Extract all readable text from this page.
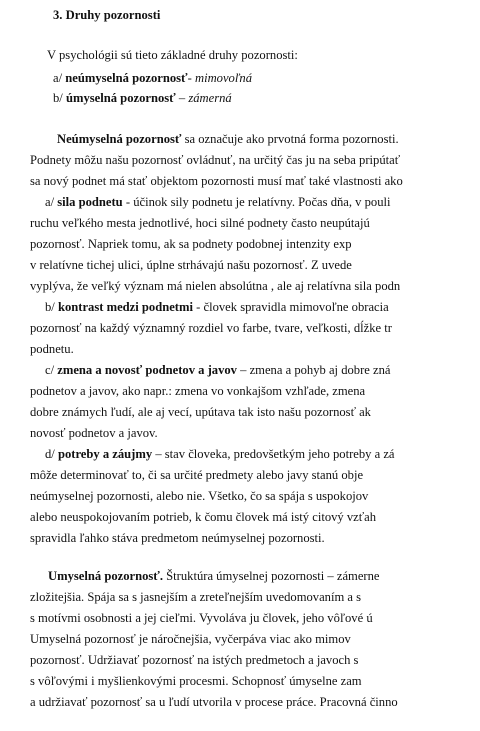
3. Druhy pozornosti
V psychológii sú tieto základné druhy pozornosti:
a/ neúmyselná pozornosť- mimovoľná
b/ úmyselná pozornosť – zámerná
Neúmyselná pozornosť sa označuje ako prvotná forma pozornosti.
Podnety môžu našu pozornosť ovládnuť, na určitý čas ju na seba pripútať
sa nový podnet má stať objektom pozornosti musí mať také vlastnosti ako
a/ sila podnetu - účinok sily podnetu je relatívny. Počas dňa, v pouli
ruchu veľkého mesta jednotlivé, hoci silné podnety často neupútajú
pozornosť. Napriek tomu, ak sa podnety podobnej intenzity exp
v relatívne tichej ulici, úplne strhávajú našu pozornosť. Z uvede
vyplýva, že veľký význam má nielen absolútna , ale aj relatívna sila podn
b/ kontrast medzi podnetmi - človek spravidla mimovoľne obracia
pozornosť na každý významný rozdiel vo farbe, tvare, veľkosti, dĺžke tr
podnetu.
c/ zmena a novosť podnetov a javov – zmena a pohyb aj dobre zná
podnetov a javov, ako napr.: zmena vo vonkajšom vzhľade, zmena
dobre známych ľudí, ale aj vecí, upútava tak isto našu pozornosť ak
novosť podnetov a javov.
d/ potreby a záujmy – stav človeka, predovšetkým jeho potreby a zá
môže determinovať to, či sa určité predmety alebo javy stanú obje
neúmyselnej pozornosti, alebo nie. Všetko, čo sa spája s uspokojov
alebo neuspokojovaním potrieb, k čomu človek má istý citový vzťah
spravidla ľahko stáva predmetom neúmyselnej pozornosti.
Umyselná pozornosť. Štruktúra úmyselnej pozornosti – zámerne
zložitejšia. Spája sa s jasnejším a zreteľnejším uvedomovaním a s
s motívmi osobnosti a jej cieľmi. Vyvoláva ju človek, jeho vôľové ú
Umyselná pozornosť je náročnejšia, vyčerpáva viac ako mimov
pozornosť. Udržiavať pozornosť na istých predmetoch a javoch s
s vôľovými i myšlienkovými procesmi. Schopnosť úmyselne zam
a udržiavať pozornosť sa u ľudí utvorila v procese práce. Pracovná činno
